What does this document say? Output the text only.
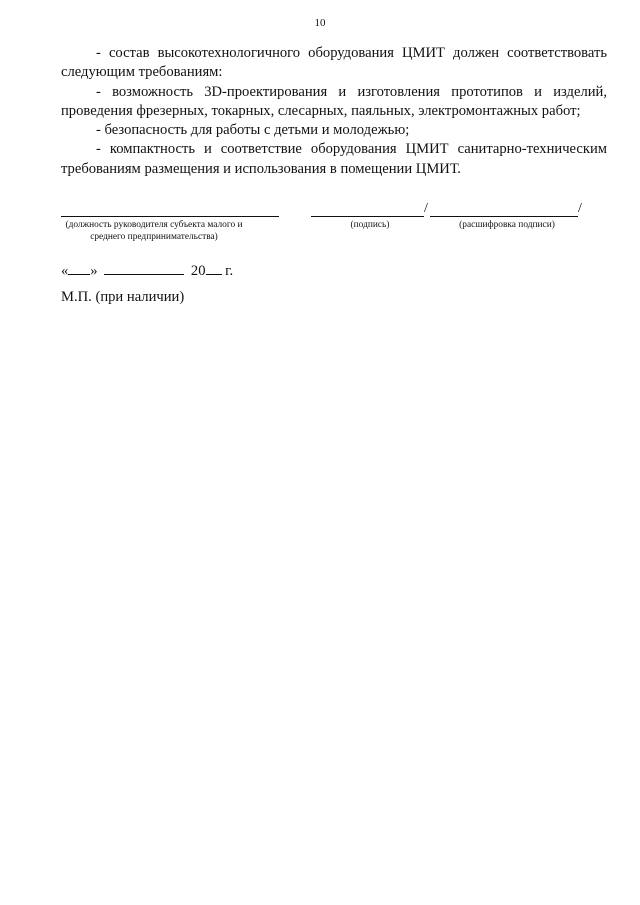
10

- состав высокотехнологичного оборудования ЦМИТ должен соответствовать следующим требованиям:

- возможность 3D-проектирования и изготовления прототипов и изделий, проведения фрезерных, токарных, слесарных, паяльных, электромонтажных работ;

- безопасность для работы с детьми и молодежью;

- компактность и соответствие оборудования ЦМИТ санитарно-техническим требованиям размещения и использования в помещении ЦМИТ.

/	/
(должность руководителя субъекта малого и среднего предпринимательства)
(подпись)	(расшифровка подписи)
« »	20 г.
М.П. (при наличии)
